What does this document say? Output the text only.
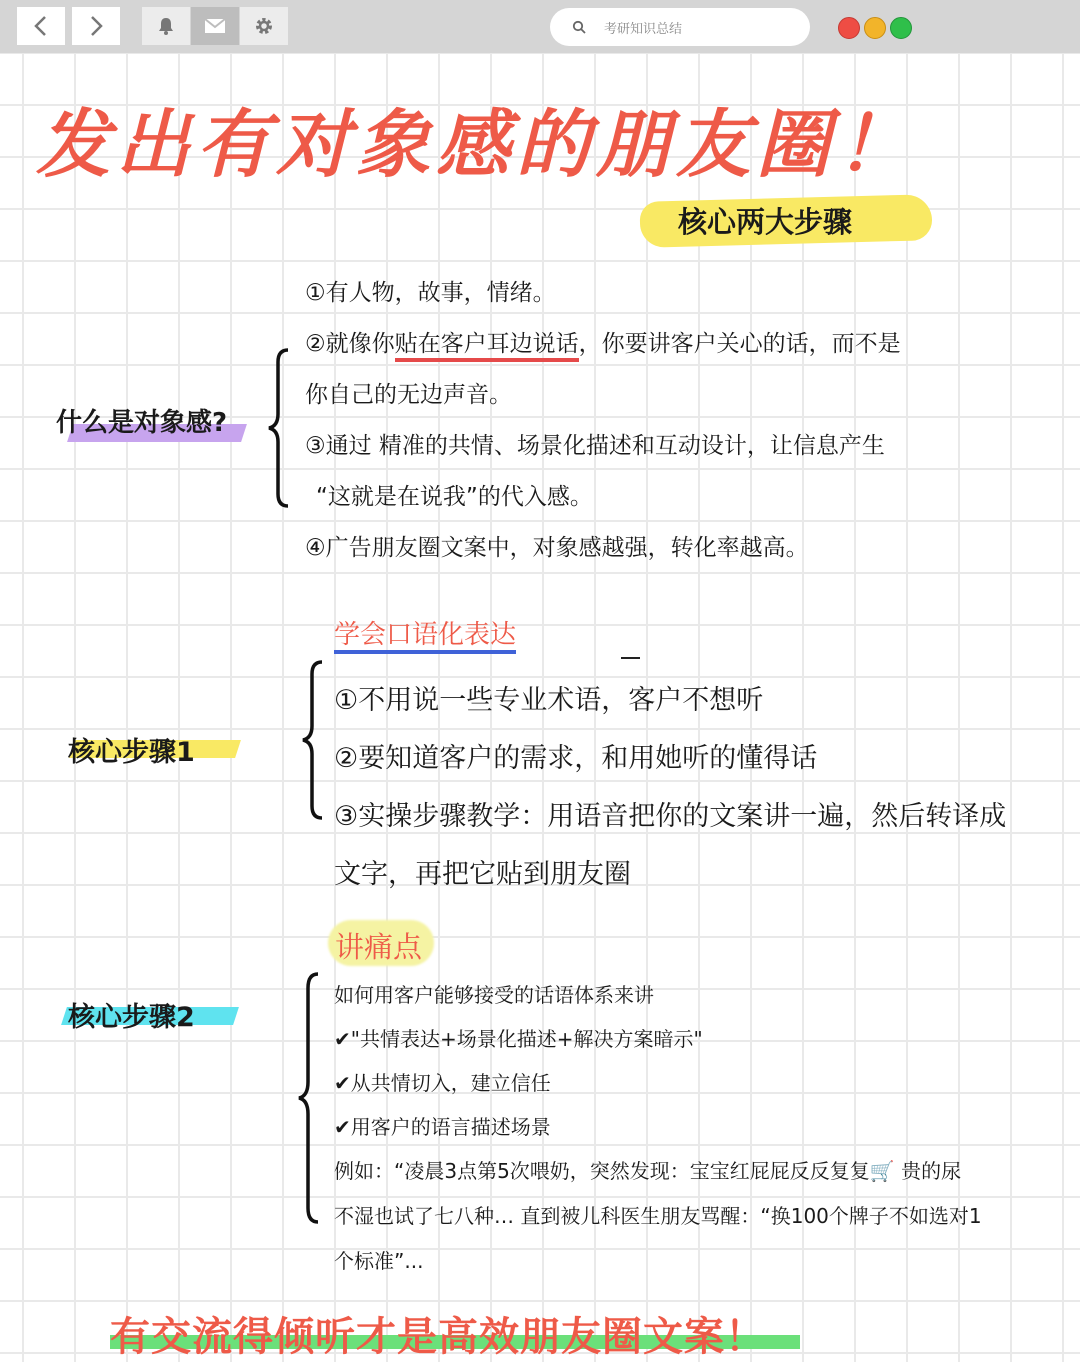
考研知识总结
发出有对象感的朋友圈！
核心两大步骤
什么是对象感?
①有人物，故事，情绪。
②就像你贴在客户耳边说话，你要讲客户关心的话，而不是
你自己的无边声音。
③通过 精准的共情、场景化描述和互动设计，让信息产生
“这就是在说我”的代入感。
④广告朋友圈文案中，对象感越强，转化率越高。
学会口语化表达
核心步骤1
①不用说一些专业术语，客户不想听
②要知道客户的需求，和用她听的懂得话
③实操步骤教学：用语音把你的文案讲一遍，然后转译成
文字，再把它贴到朋友圈
讲痛点
核心步骤2
如何用客户能够接受的话语体系来讲
✔"共情表达+场景化描述+解决方案暗示"
✔从共情切入，建立信任
✔用客户的语言描述场景
例如：“凌晨3点第5次喂奶，突然发现：宝宝红屁屁反反复复🛒 贵的尿
不湿也试了七八种… 直到被儿科医生朋友骂醒：“换100个牌子不如选对1
个标准”...
有交流得倾听才是高效朋友圈文案！
